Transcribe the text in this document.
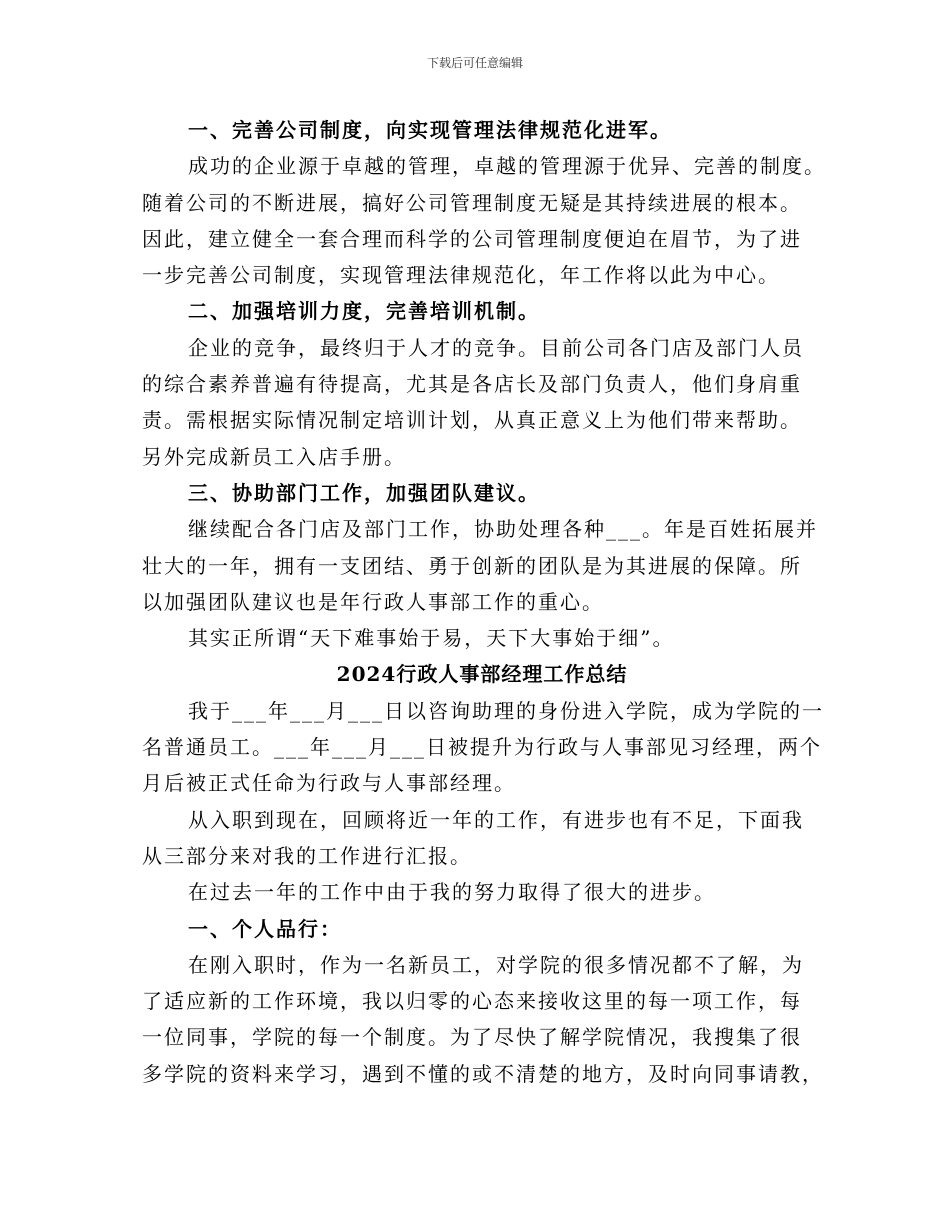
下载后可任意编辑
一、完善公司制度，向实现管理法律规范化进军。
成功的企业源于卓越的管理，卓越的管理源于优异、完善的制度。
随着公司的不断进展，搞好公司管理制度无疑是其持续进展的根本。
因此，建立健全一套合理而科学的公司管理制度便迫在眉节，为了进
一步完善公司制度，实现管理法律规范化，年工作将以此为中心。
二、加强培训力度，完善培训机制。
企业的竞争，最终归于人才的竞争。目前公司各门店及部门人员
的综合素养普遍有待提高，尤其是各店长及部门负责人，他们身肩重
责。需根据实际情况制定培训计划，从真正意义上为他们带来帮助。
另外完成新员工入店手册。
三、协助部门工作，加强团队建议。
继续配合各门店及部门工作，协助处理各种___。年是百姓拓展并
壮大的一年，拥有一支团结、勇于创新的团队是为其进展的保障。所
以加强团队建议也是年行政人事部工作的重心。
其实正所谓“天下难事始于易，天下大事始于细”。
2024行政人事部经理工作总结
我于___年___月___日以咨询助理的身份进入学院，成为学院的一
名普通员工。___年___月___日被提升为行政与人事部见习经理，两个
月后被正式任命为行政与人事部经理。
从入职到现在，回顾将近一年的工作，有进步也有不足，下面我
从三部分来对我的工作进行汇报。
在过去一年的工作中由于我的努力取得了很大的进步。
一、个人品行：
在刚入职时，作为一名新员工，对学院的很多情况都不了解，为
了适应新的工作环境，我以归零的心态来接收这里的每一项工作，每
一位同事，学院的每一个制度。为了尽快了解学院情况，我搜集了很
多学院的资料来学习，遇到不懂的或不清楚的地方，及时向同事请教，
